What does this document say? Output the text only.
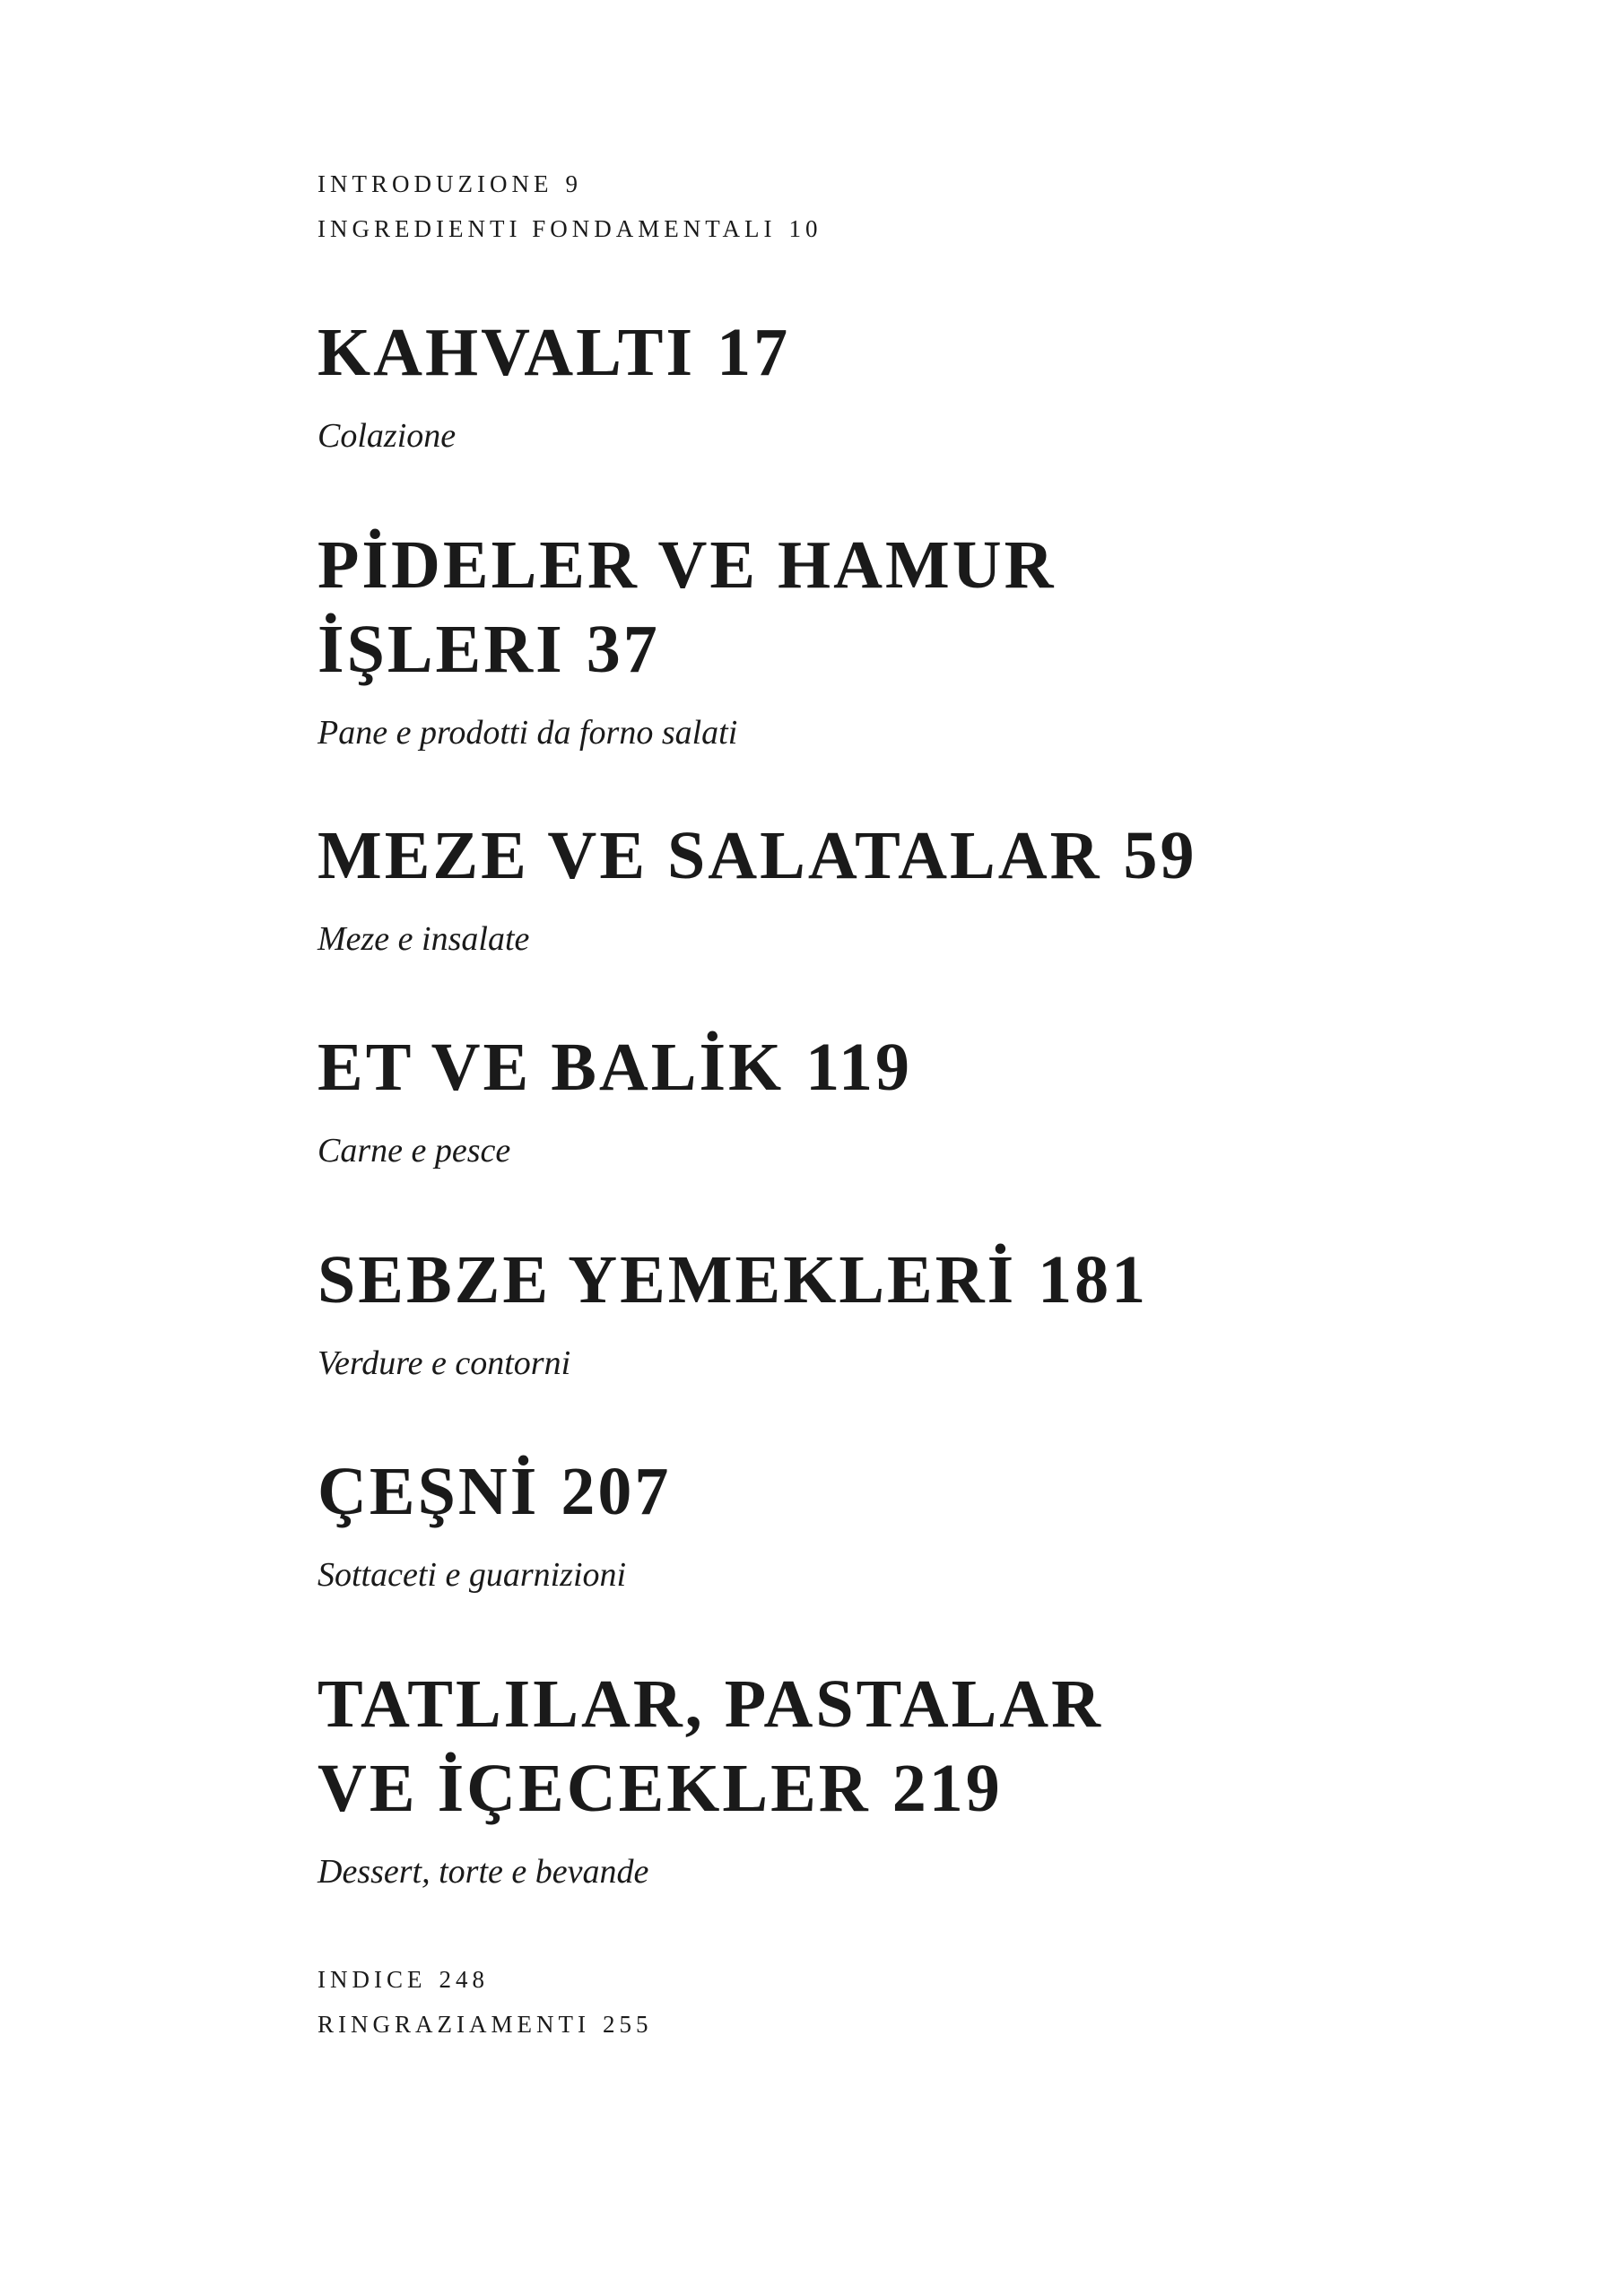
INTRODUZIONE 9
INGREDIENTI FONDAMENTALI 10
KAHVALTI 17
Colazione
PİDELER VE HAMUR
İŞLERI 37
Pane e prodotti da forno salati
MEZE VE SALATALAR 59
Meze e insalate
ET VE BALİK 119
Carne e pesce
SEBZE YEMEKLERİ 181
Verdure e contorni
ÇEŞNİ 207
Sottaceti e guarnizioni
TATLILAR, PASTALAR
VE İÇECEKLER 219
Dessert, torte e bevande
INDICE 248
RINGRAZIAMENTI 255
